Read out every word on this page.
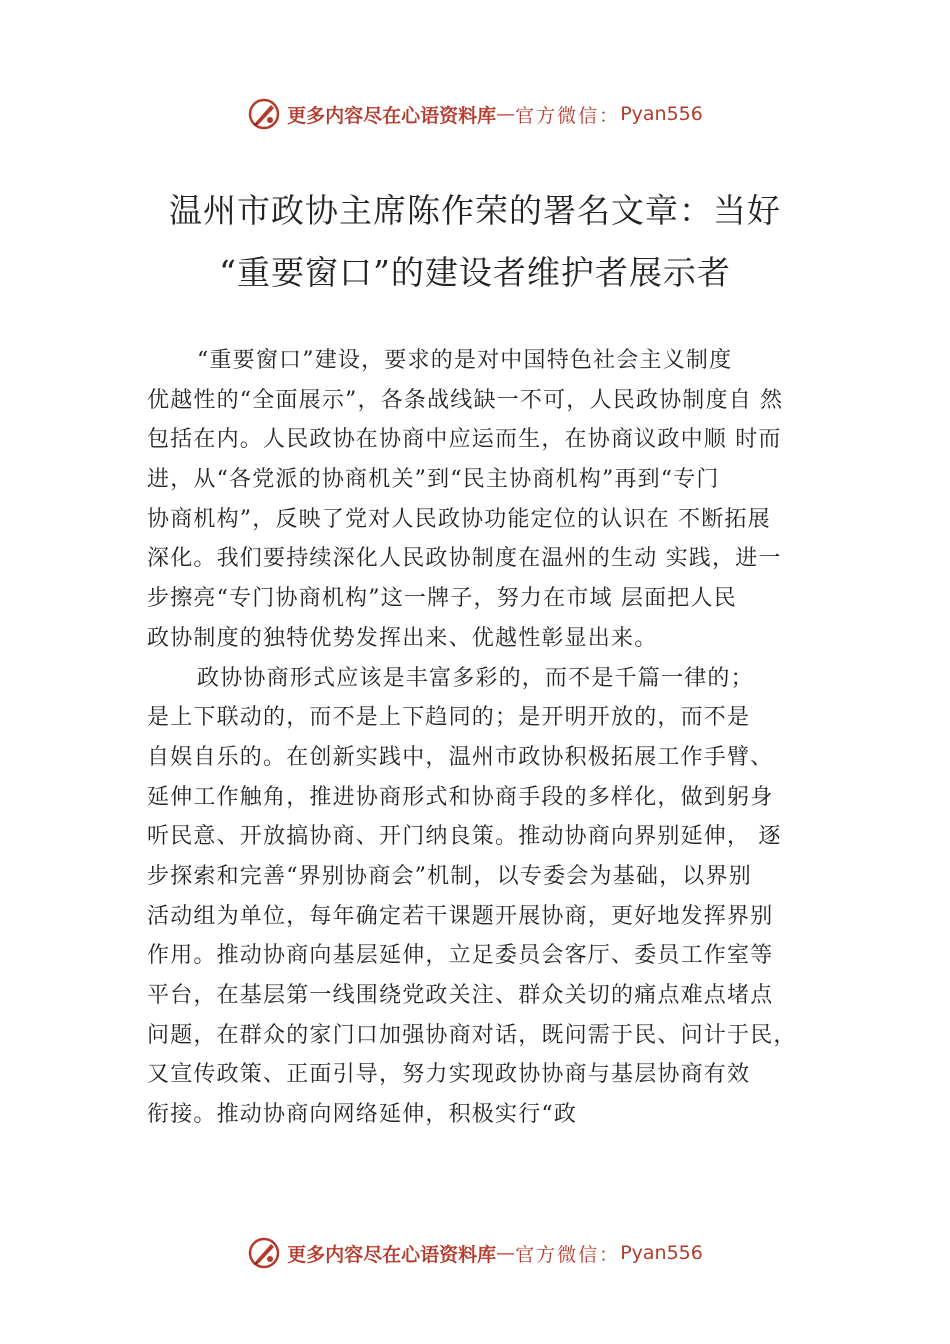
更多内容尽在心语资料库 — 官方微信： Pyan556
温州市政协主席陈作荣的署名文章：当好
“重要窗口”的建设者维护者展示者
“重要窗口”建设，要求的是对中国特色社会主义制度
优越性的“全面展示”，各条战线缺一不可，人民政协制度自 然
包括在内。人民政协在协商中应运而生，在协商议政中顺 时而
进，从“各党派的协商机关”到“民主协商机构”再到“专门
协商机构”，反映了党对人民政协功能定位的认识在 不断拓展
深化。我们要持续深化人民政协制度在温州的生动 实践，进一
步擦亮“专门协商机构”这一牌子，努力在市域 层面把人民
政协制度的独特优势发挥出来、优越性彰显出来。
政协协商形式应该是丰富多彩的，而不是千篇一律的；
是上下联动的，而不是上下趋同的；是开明开放的，而不是
自娱自乐的。在创新实践中，温州市政协积极拓展工作手臂、
延伸工作触角，推进协商形式和协商手段的多样化，做到躬身
听民意、开放搞协商、开门纳良策。推动协商向界别延伸， 逐
步探索和完善“界别协商会”机制，以专委会为基础，以界别
活动组为单位，每年确定若干课题开展协商，更好地发挥界别
作用。推动协商向基层延伸，立足委员会客厅、委员工作室等
平台，在基层第一线围绕党政关注、群众关切的痛点难点堵点
问题，在群众的家门口加强协商对话，既问需于民、问计于民，
又宣传政策、正面引导，努力实现政协协商与基层协商有效
衔接。推动协商向网络延伸，积极实行“政
更多内容尽在心语资料库 — 官方微信： Pyan556
